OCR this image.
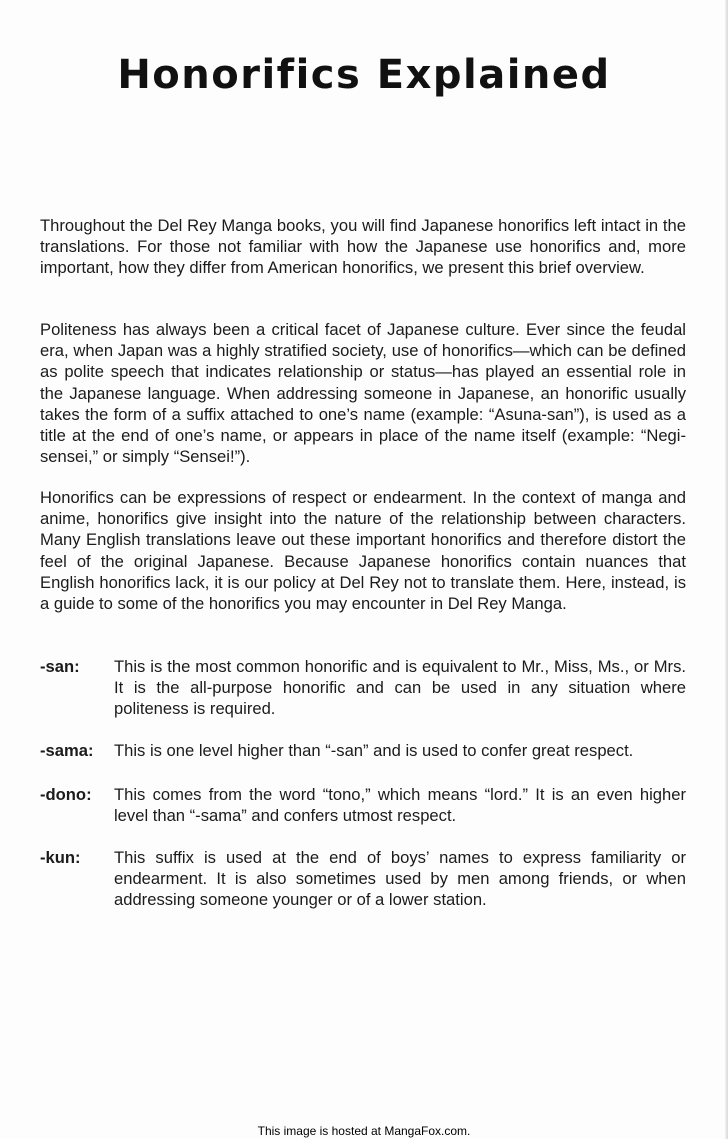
Honorifics Explained

Throughout the Del Rey Manga books, you will find Japanese honorifics left intact in the translations. For those not familiar with how the Japanese use honorifics and, more important, how they differ from American honorifics, we present this brief overview.

Politeness has always been a critical facet of Japanese culture. Ever since the feudal era, when Japan was a highly stratified society, use of honorifics—which can be defined as polite speech that indicates relationship or status—has played an essential role in the Japanese language. When addressing someone in Japanese, an honorific usually takes the form of a suffix attached to one’s name (example: “Asuna-san”), is used as a title at the end of one’s name, or appears in place of the name itself (example: “Negi-sensei,” or simply “Sensei!”).

Honorifics can be expressions of respect or endearment. In the context of manga and anime, honorifics give insight into the nature of the relationship between characters. Many English translations leave out these important honorifics and therefore distort the feel of the original Japanese. Because Japanese honorifics contain nuances that English honorifics lack, it is our policy at Del Rey not to translate them. Here, instead, is a guide to some of the honorifics you may encounter in Del Rey Manga.

-san:	This is the most common honorific and is equivalent to Mr., Miss, Ms., or Mrs. It is the all-purpose honorific and can be used in any situation where politeness is required.

-sama:	This is one level higher than “-san” and is used to confer great respect.

-dono:	This comes from the word “tono,” which means “lord.” It is an even higher level than “-sama” and confers utmost respect.

-kun:	This suffix is used at the end of boys’ names to express familiarity or endearment. It is also sometimes used by men among friends, or when addressing someone younger or of a lower station.

This image is hosted at MangaFox.com.
